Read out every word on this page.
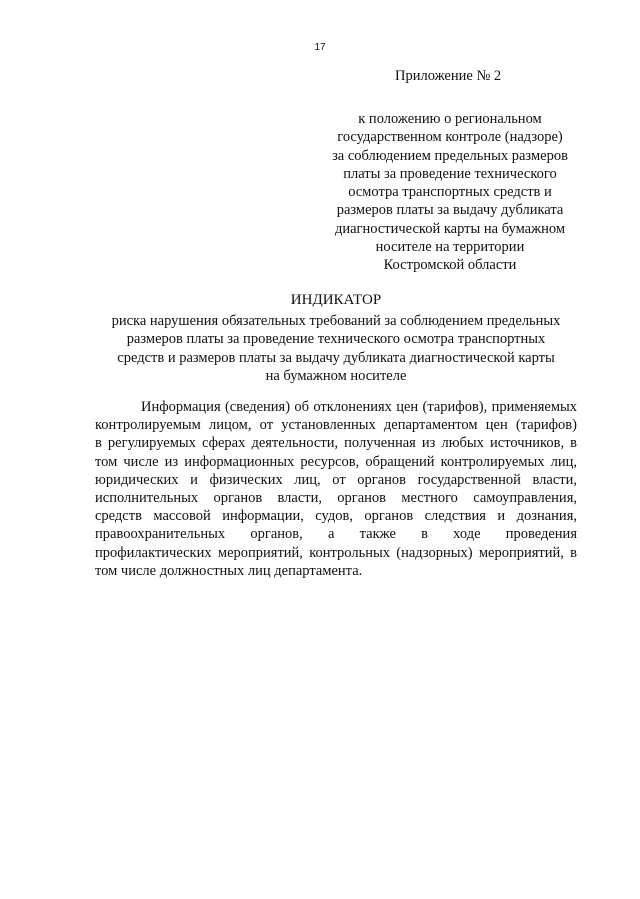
17
Приложение № 2
к положению о региональном
государственном контроле (надзоре)
за соблюдением предельных размеров
платы за проведение технического
осмотра транспортных средств и
размеров платы за выдачу дубликата
диагностической карты на бумажном
носителе на территории
Костромской области
ИНДИКАТОР
риска нарушения обязательных требований за соблюдением предельных
размеров платы за проведение технического осмотра транспортных
средств и размеров платы за выдачу дубликата диагностической карты
на бумажном носителе
Информация (сведения) об отклонениях цен (тарифов), применяемых
контролируемым лицом, от установленных департаментом цен (тарифов)
в регулируемых сферах деятельности, полученная из любых источников, в
том числе из информационных ресурсов, обращений контролируемых лиц,
юридических и физических лиц, от органов государственной власти,
исполнительных органов власти, органов местного самоуправления,
средств массовой информации, судов, органов следствия и дознания,
правоохранительных органов, а также в ходе проведения
профилактических мероприятий, контрольных (надзорных) мероприятий, в
том числе должностных лиц департамента.
